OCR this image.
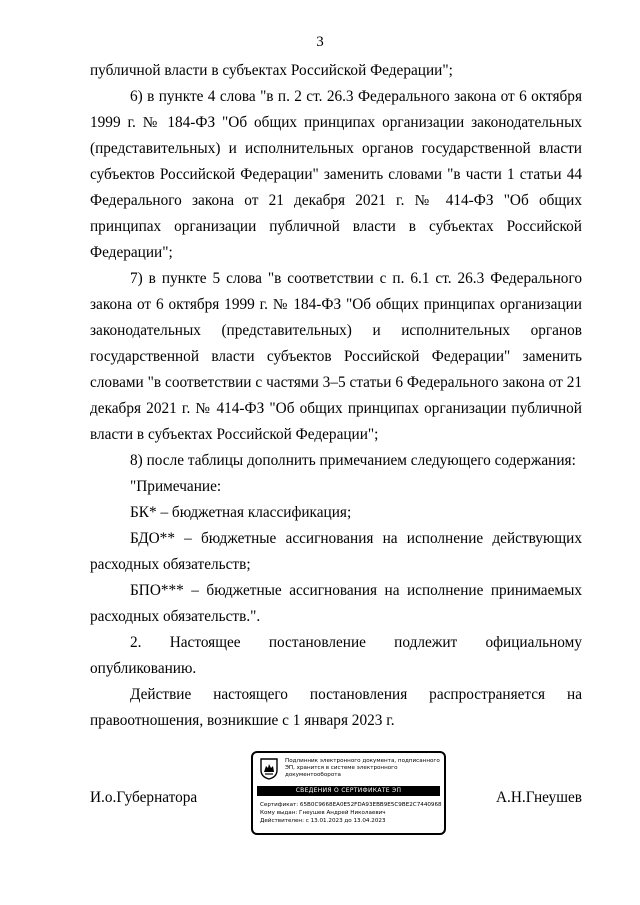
3

публичной власти в субъектах Российской Федерации";

6) в пункте 4 слова "в п. 2 ст. 26.3 Федерального закона от 6 октября 1999 г. № 184-ФЗ "Об общих принципах организации законодательных (представительных) и исполнительных органов государственной власти субъектов Российской Федерации" заменить словами "в части 1 статьи 44 Федерального закона от 21 декабря 2021 г. № 414-ФЗ "Об общих принципах организации публичной власти в субъектах Российской Федерации";

7) в пункте 5 слова "в соответствии с п. 6.1 ст. 26.3 Федерального закона от 6 октября 1999 г. № 184-ФЗ "Об общих принципах организации законодательных (представительных) и исполнительных органов государственной власти субъектов Российской Федерации" заменить словами "в соответствии с частями 3–5 статьи 6 Федерального закона от 21 декабря 2021 г. № 414-ФЗ "Об общих принципах организации публичной власти в субъектах Российской Федерации";

8) после таблицы дополнить примечанием следующего содержания:

"Примечание:

БК* – бюджетная классификация;

БДО** – бюджетные ассигнования на исполнение действующих расходных обязательств;

БПО*** – бюджетные ассигнования на исполнение принимаемых расходных обязательств.".

2. Настоящее постановление подлежит официальному опубликованию.

Действие настоящего постановления распространяется на правоотношения, возникшие с 1 января 2023 г.

И.о.Губернатора
Подлинник электронного документа, подписанного ЭП, хранится в системе электронного документооборота
СВЕДЕНИЯ О СЕРТИФИКАТЕ ЭП
Сертификат: 65B0C9668EA0E52FDA93EBB9E5C9BE2C7440968
Кому выдан: Гнеушев Андрей Николаевич
Действителен: с 13.01.2023 до 13.04.2023
А.Н.Гнеушев
